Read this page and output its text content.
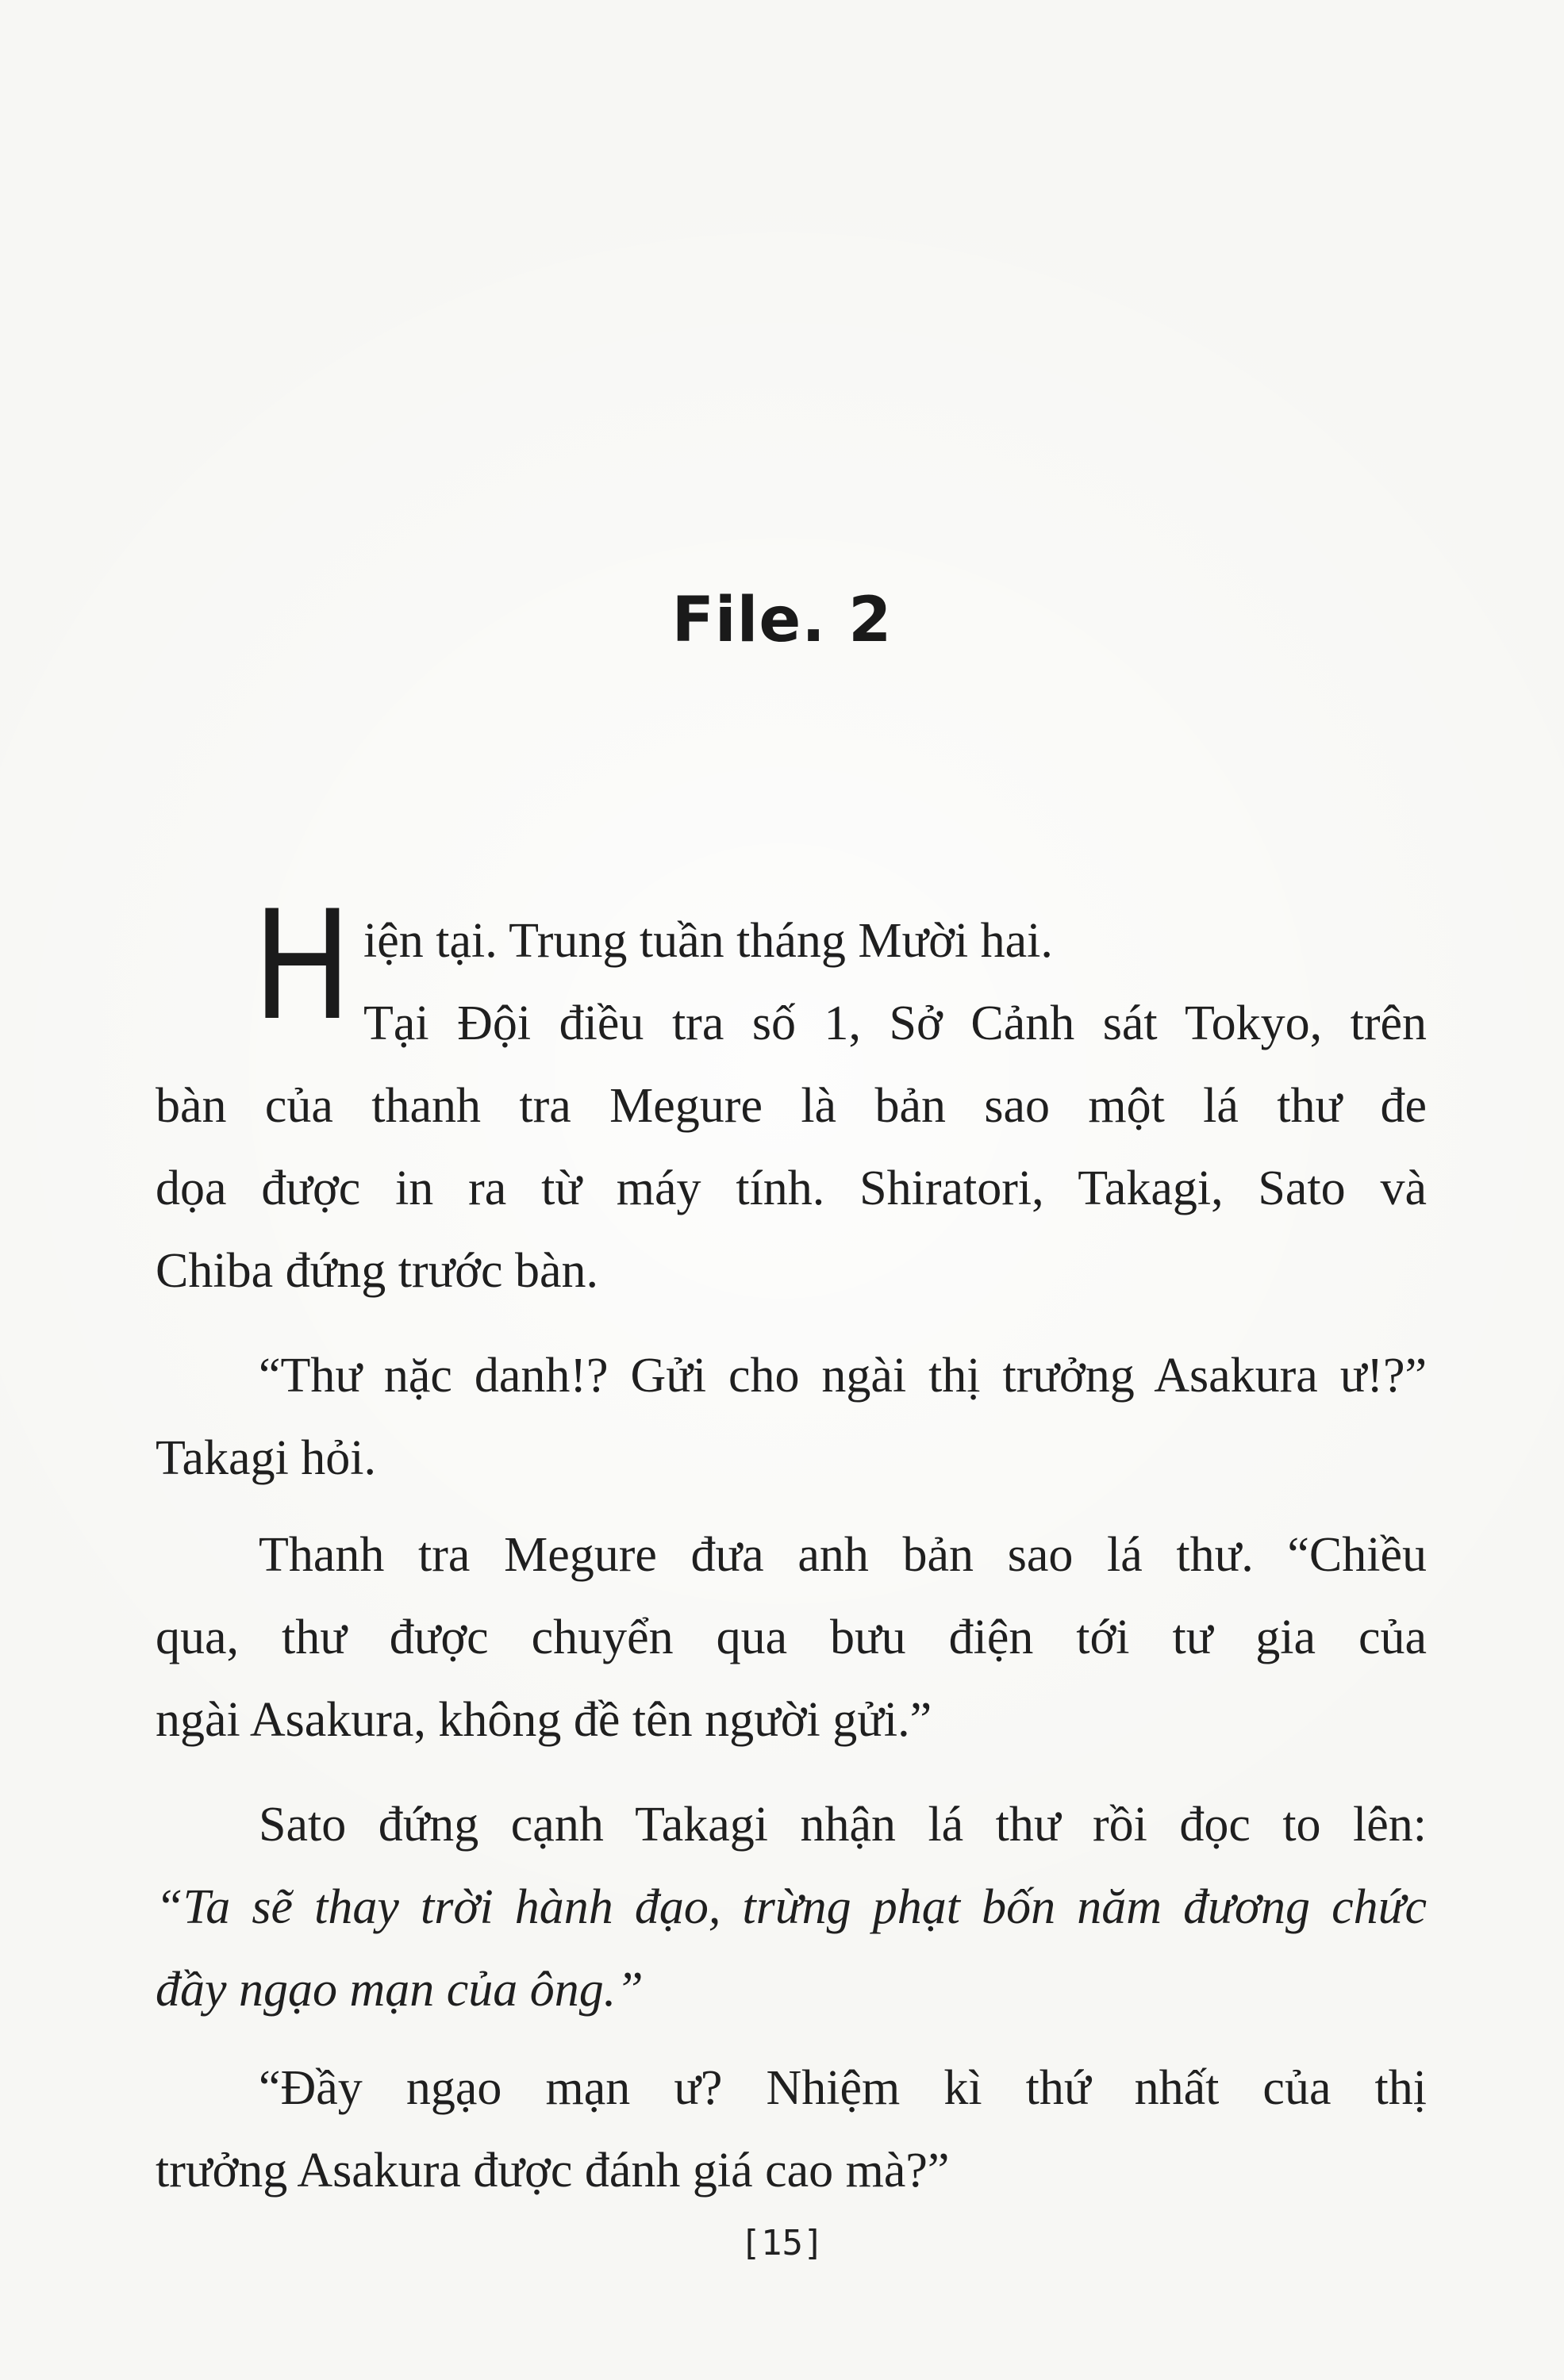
File. 2
H iện tại. Trung tuần tháng Mười hai.
Tại Đội điều tra số 1, Sở Cảnh sát Tokyo, trên
bàn của thanh tra Megure là bản sao một lá thư đe
dọa được in ra từ máy tính. Shiratori, Takagi, Sato và
Chiba đứng trước bàn.
“Thư nặc danh!? Gửi cho ngài thị trưởng Asakura ư!?”
Takagi hỏi.
Thanh tra Megure đưa anh bản sao lá thư. “Chiều
qua, thư được chuyển qua bưu điện tới tư gia của
ngài Asakura, không đề tên người gửi.”
Sato đứng cạnh Takagi nhận lá thư rồi đọc to lên:
“Ta sẽ thay trời hành đạo, trừng phạt bốn năm đương chức
đầy ngạo mạn của ông.”
“Đầy ngạo mạn ư? Nhiệm kì thứ nhất của thị
trưởng Asakura được đánh giá cao mà?”
[15]
